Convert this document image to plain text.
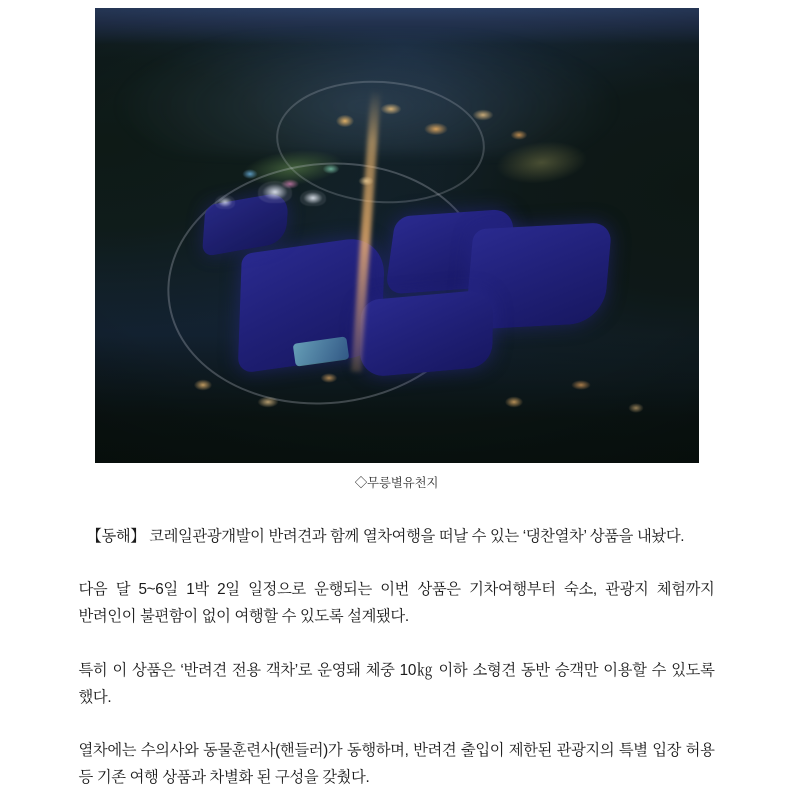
◇무릉별유천지

【동해】 코레일관광개발이 반려견과 함께 열차여행을 떠날 수 있는 ‘댕찬열차’ 상품을 내놨다.

다음 달 5~6일 1박 2일 일정으로 운행되는 이번 상품은 기차여행부터 숙소, 관광지 체험까지 반려인이 불편함이 없이 여행할 수 있도록 설계됐다.

특히 이 상품은 ‘반려견 전용 객차’로 운영돼 체중 10㎏ 이하 소형견 동반 승객만 이용할 수 있도록 했다.

열차에는 수의사와 동물훈련사(핸들러)가 동행하며, 반려견 출입이 제한된 관광지의 특별 입장 허용 등 기존 여행 상품과 차별화 된 구성을 갖췄다.
